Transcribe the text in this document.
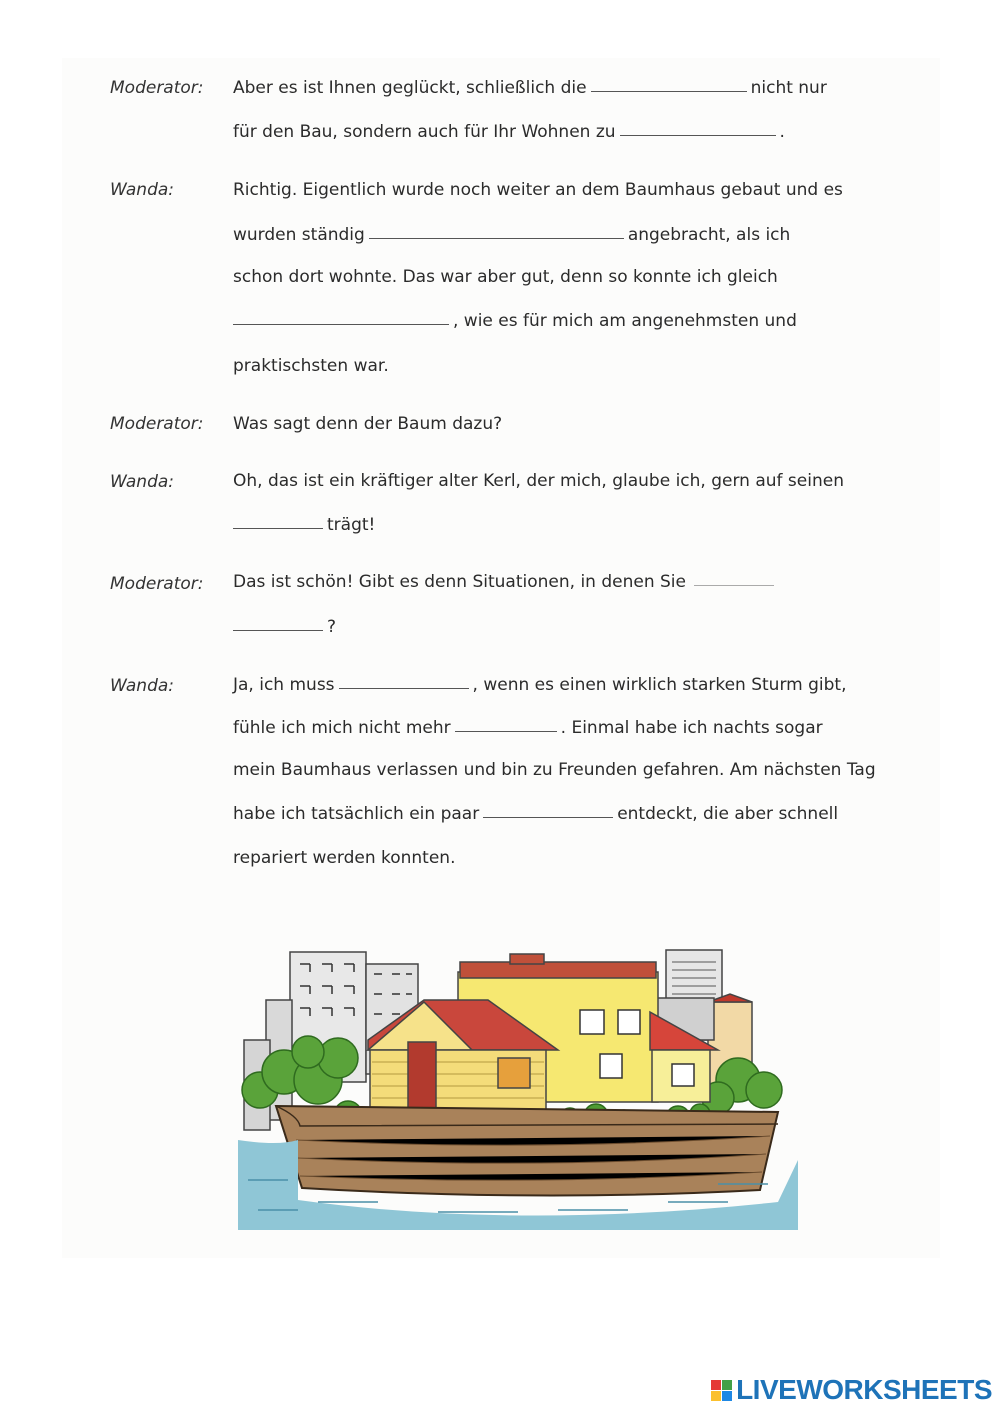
Moderator: Aber es ist Ihnen geglückt, schließlich die	nicht nur
für den Bau, sondern auch für Ihr Wohnen zu	.
Wanda:	Richtig. Eigentlich wurde noch weiter an dem Baumhaus gebaut und es
wurden ständig	angebracht, als ich
schon dort wohnte. Das war aber gut, denn so konnte ich gleich
, wie es für mich am angenehmsten und
praktischsten war.
Moderator: Was sagt denn der Baum dazu?
Wanda:	Oh, das ist ein kräftiger alter Kerl, der mich, glaube ich, gern auf seinen
trägt!
Moderator: Das ist schön! Gibt es denn Situationen, in denen Sie
?
Wanda:	Ja, ich muss	, wenn es einen wirklich starken Sturm gibt,
fühle ich mich nicht mehr	. Einmal habe ich nachts sogar
mein Baumhaus verlassen und bin zu Freunden gefahren. Am nächsten Tag
habe ich tatsächlich ein paar	entdeckt, die aber schnell
repariert werden konnten.
LIVEWORKSHEETS
